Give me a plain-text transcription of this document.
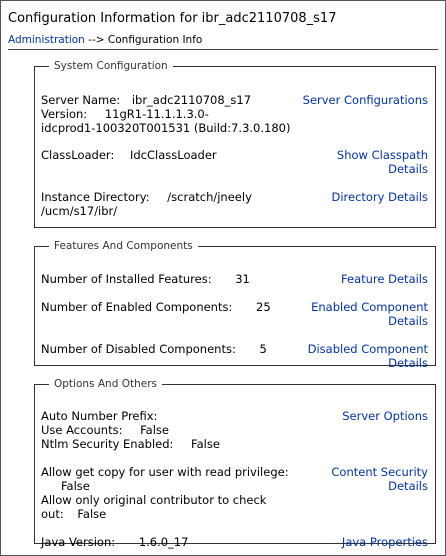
Configuration Information for ibr_adc2110708_s17
Administration --> Configuration Info
System Configuration
Server Name: ibr_adc2110708_s17
Version: 11gR1-11.1.1.3.0-
idcprod1-100320T001531 (Build:7.3.0.180)
ClassLoader: IdcClassLoader
Instance Directory: /scratch/jneely
/ucm/s17/ibr/
Server Configurations
Show Classpath
Details
Directory Details
Features And Components
Number of Installed Features: 31
Number of Enabled Components: 25
Number of Disabled Components: 5
Feature Details
Enabled Component
Details
Disabled Component
Details
Options And Others
Auto Number Prefix:
Use Accounts: False
Ntlm Security Enabled: False
Allow get copy for user with read privilege:
False
Allow only original contributor to check
out: False
Java Version: 1.6.0_17
Server Options
Content Security
Details
Java Properties
